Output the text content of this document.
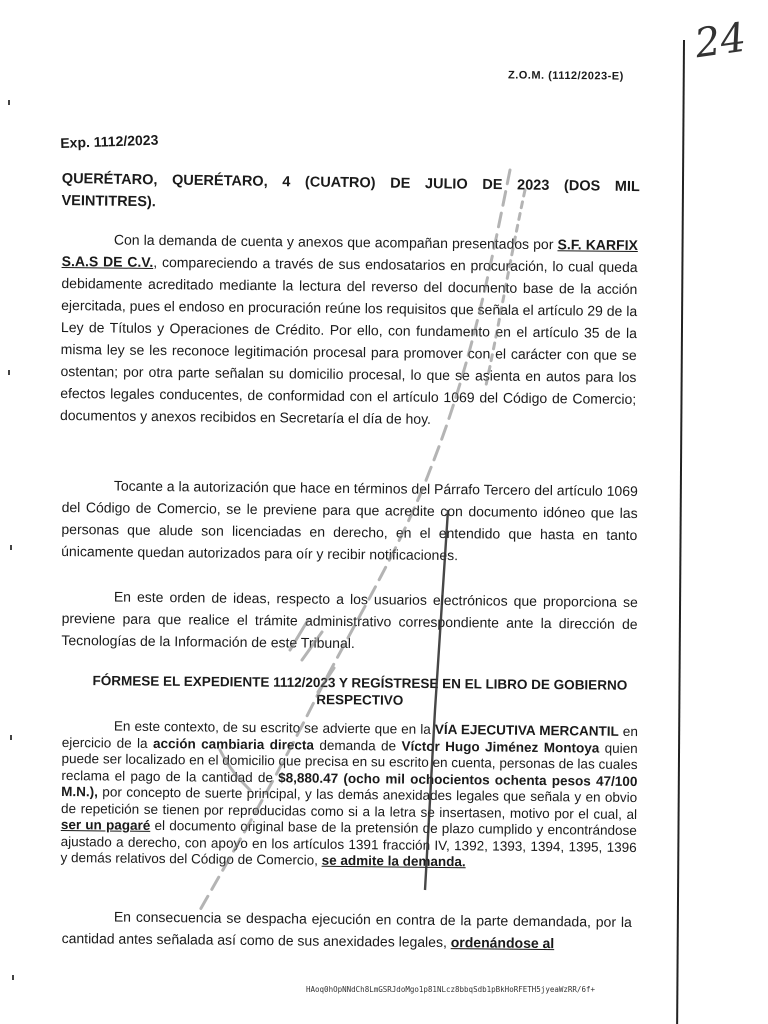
24
Z.O.M. (1112/2023-E)
Exp. 1112/2023
QUERÉTARO, QUERÉTARO, 4 (CUATRO) DE JULIO DE 2023 (DOS MIL VEINTITRES).
Con la demanda de cuenta y anexos que acompañan presentados por S.F. KARFIX S.A.S DE C.V., compareciendo a través de sus endosatarios en procuración, lo cual queda debidamente acreditado mediante la lectura del reverso del documento base de la acción ejercitada, pues el endoso en procuración reúne los requisitos que señala el artículo 29 de la Ley de Títulos y Operaciones de Crédito. Por ello, con fundamento en el artículo 35 de la misma ley se les reconoce legitimación procesal para promover con el carácter con que se ostentan; por otra parte señalan su domicilio procesal, lo que se asienta en autos para los efectos legales conducentes, de conformidad con el artículo 1069 del Código de Comercio; documentos y anexos recibidos en Secretaría el día de hoy.
Tocante a la autorización que hace en términos del Párrafo Tercero del artículo 1069 del Código de Comercio, se le previene para que acredite con documento idóneo que las personas que alude son licenciadas en derecho, en el entendido que hasta en tanto únicamente quedan autorizados para oír y recibir notificaciones.
En este orden de ideas, respecto a los usuarios electrónicos que proporciona se previene para que realice el trámite administrativo correspondiente ante la dirección de Tecnologías de la Información de este Tribunal.
FÓRMESE EL EXPEDIENTE 1112/2023 Y REGÍSTRESE EN EL LIBRO DE GOBIERNO RESPECTIVO
En este contexto, de su escrito se advierte que en la VÍA EJECUTIVA MERCANTIL en ejercicio de la acción cambiaria directa demanda de Víctor Hugo Jiménez Montoya quien puede ser localizado en el domicilio que precisa en su escrito en cuenta, personas de las cuales reclama el pago de la cantidad de $8,880.47 (ocho mil ochocientos ochenta pesos 47/100 M.N.), por concepto de suerte principal, y las demás anexidades legales que señala y en obvio de repetición se tienen por reproducidas como si a la letra se insertasen, motivo por el cual, al ser un pagaré el documento original base de la pretensión de plazo cumplido y encontrándose ajustado a derecho, con apoyo en los artículos 1391 fracción IV, 1392, 1393, 1394, 1395, 1396 y demás relativos del Código de Comercio, se admite la demanda.
En consecuencia se despacha ejecución en contra de la parte demandada, por la cantidad antes señalada así como de sus anexidades legales, ordenándose al
HAoq0hOpNNdCh8LmGSRJdoMgo1p81NLcz8bbqSdb1pBkHoRFETH5jyeaWzRR/6f+
